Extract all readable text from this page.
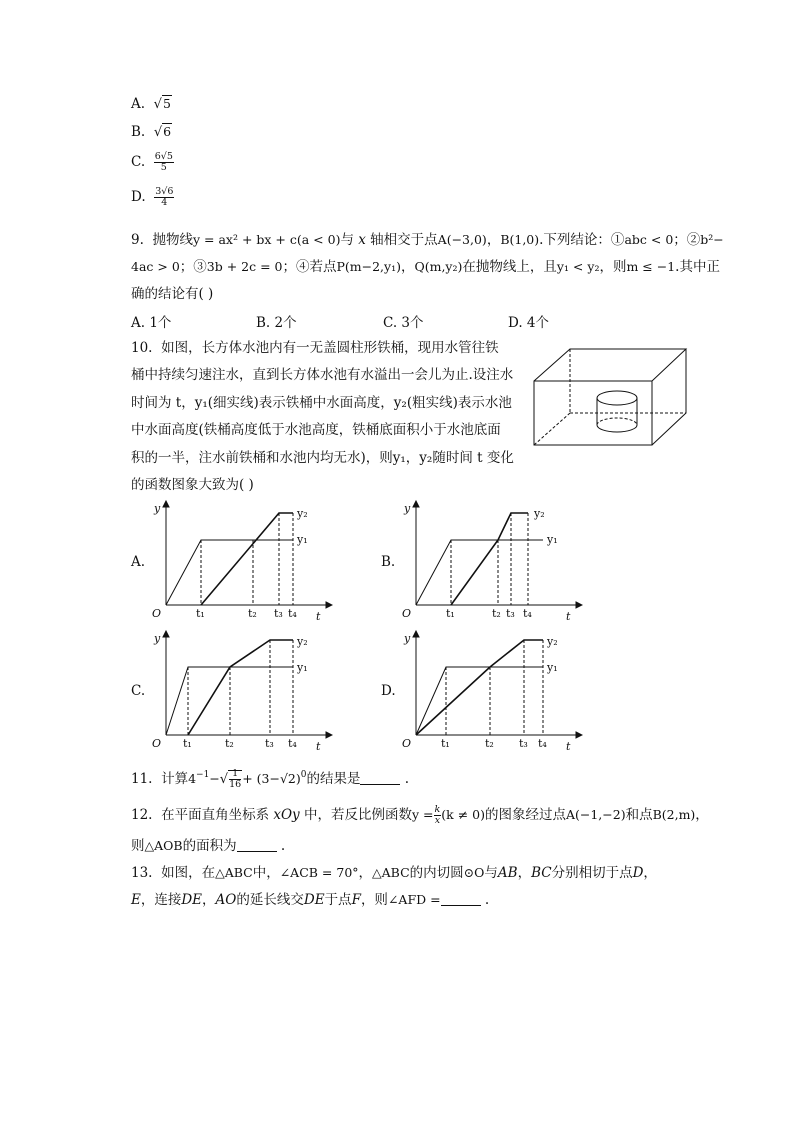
A. √5
B. √6
C. $\frac{6√5}{5}$
D. $\frac{3√6}{4}$
9. 抛物线y = ax² + bx + c(a < 0)与 x 轴相交于点A(−3,0)，B(1,0).下列结论：①abc < 0；②b²−
4ac > 0；③3b + 2c = 0；④若点P(m−2,y₁)，Q(m,y₂)在抛物线上，且y₁ < y₂，则m ≤ −1.其中正
确的结论有( )
A. 1个	B. 2个	C. 3个	D. 4个
10. 如图，长方体水池内有一无盖圆柱形铁桶，现用水管往铁
桶中持续匀速注水，直到长方体水池有水溢出一会儿为止.设注水
时间为 t，y₁(细实线)表示铁桶中水面高度，y₂(粗实线)表示水池
中水面高度(铁桶高度低于水池高度，铁桶底面积小于水池底面
积的一半，注水前铁桶和水池内均无水)，则y₁，y₂随时间 t 变化
的函数图象大致为( )
A.	B.
C.	D.
y
t
O
y₂
y₁
t₁	t₂ t₃ t₄
y
t
O
y₂
y₁
t₁	t₂ t₃ t₄
y
t
O
y₂
y₁
t₁	t₂	t₃ t₄
y
t
O
y₂
y₁
t₁	t₂ t₃ t₄
11. 计算$4^{-1}-√ \frac{1}{16} + (3-√2)^0$的结果是	.
12. 在平面直角坐标系 xOy 中，若反比例函数$y = \frac{k}{x} (k \ne 0)$的图象经过点A(−1,−2)和点B(2,m)，
则△AOB的面积为	.
13. 如图，在△ABC中，∠ACB = 70°，△ABC的内切圆⊙O与AB，BC分别相切于点D，
E，连接DE，AO的延长线交DE于点F，则∠AFD =	.
